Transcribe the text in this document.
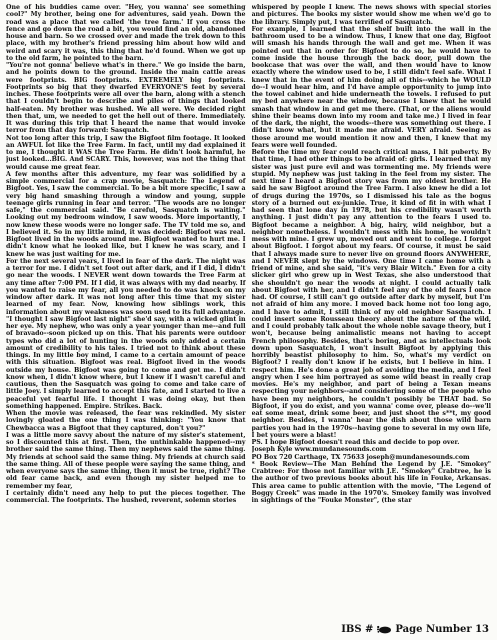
One of his buddies came over. "Hey, you wanna' see something cool?" My brother, being one for adventures, said yeah. Down the road was a place that we called 'the tree farm.' If you cross the fence and go down the road a bit, you would find an old, abandoned house and barn. So we crossed over and made the trek down to this place, with my brother's friend pressing him about how wild and weird and scary it was, this thing that he'd found. When we got up to the old farm, he pointed to the barn.

"You're not gonna' believe what's in there." We go inside the barn, and he points down to the ground. Inside the main cattle areas were footprints. BIG footprints. EXTREMELY big footprints. Footprints so big that they dwarfed EVERYONE'S feet by several inches. These footprints were all over the barn, along with a stench that I couldn't begin to describe and piles of things that looked half-eaten. My brother was hushed. We all were. We decided right then that, um, we needed to get the hell out of there. Immediately. It was during this trip that I heard the name that would invoke terror from that day forward: Sasquatch.

Not too long after this trip, I saw the Bigfoot film footage. It looked an AWFUL lot like the Tree Farm. In fact, until my dad explained it to me, I thought it WAS the Tree Farm. He didn't look harmful, he just looked...BIG. And SCARY. This, however, was not the thing that would cause me great fear.

A few months after this adventure, my fear was solidified by a simple commercial for a crap movie, Sasquatch: The Legend of Bigfoot. Yes, I saw the commercial. To be a bit more specific, I saw a very big hand smashing through a window and young, supple teenage girls running in fear and terror. "The woods are no longer safe," the commercial said. "Be careful, Sasquatch is waiting." Looking out my bedroom window, I saw woods. More importantly, I now knew these woods were no longer safe. The TV told me so, and I believed it. So in my little mind, it was decided: Bigfoot was real. Bigfoot lived in the woods around me. Bigfoot wanted to hurt me. I didn't know what he looked like, but I knew he was scary, and I knew he was just waiting for me.

For the next several years, I lived in fear of the dark. The night was a terror for me. I didn't set foot out after dark, and if I did, I didn't go near the woods. I NEVER went down towards the Tree Farm at any time after 7:00 PM. If I did, it was always with my dad nearby. If you wanted to raise my fear, all you needed to do was knock on my window after dark. It was not long after this time that my sister learned of my fear. Now, knowing how siblings work, this information about my weakness was soon used to its full advantage. "I thought I saw Bigfoot last night" she'd say, with a wicked glint in her eye. My nephew, who was only a year younger than me--and full of bravado--soon picked up on this. That his parents were outdoor types who did a lot of hunting in the woods only added a certain amount of credibility to his tales. I tried not to think about these things. In my little boy mind, I came to a certain amount of peace with this situation. Bigfoot was real. Bigfoot lived in the woods outside my house. Bigfoot was going to come and get me. I didn't know when, I didn't know where, but I knew if I wasn't careful and cautious, then the Sasquatch was going to come and take care of little Joey. I simply learned to accept this fate, and I started to live a peaceful yet fearful life. I thought I was doing okay, but then something happened. Empire. Strikes. Back.

When the movie was released, the fear was rekindled. My sister lovingly gloated the one thing I was thinking: "You know that Chewbacca was a Bigfoot that they captured, don't you?"

I was a little more savvy about the nature of my sister's statement, so I discounted this at first. Then, the unthinkable happened--my brother said the same thing. Then my nephews said the same thing. My friends at school said the same thing. My friends at church said the same thing. All of these people were saying the same thing, and when everyone says the same thing, then it must be true, right? The old fear came back, and even though my sister helped me to remember my fear,

I certainly didn't need any help to put the pieces together. The commercial. The footprints. The hushed, reverent, solemn stories

whispered by people I knew. The news shows with special stories and pictures. The books my sister would show me when we'd go to the library. Simply put, I was terrified of Sasquatch.

For example, I learned that the shelf built into the wall in the bathroom used to be a window. Thus, I knew that one day, Bigfoot will smash his hands through the wall and get me. When it was pointed out that in order for Bigfoot to do so, he would have to come inside the house through the back door, pull down the bookcase that was over the wall, and then would have to know exactly where the window used to be, I still didn't feel safe. What I knew that in the event of him doing all of this--which he WOULD do--I would hear him, and I'd have ample opportunity to jump into the towel cabinet and hide underneath the towels. I refused to put my bed anywhere near the window, because I knew that he would smash that window in and get me there. (That, or the aliens would shine their beams down into my room and take me.) I lived in fear of the dark, the night, the woods--there was something out there. I didn't know what, but it made me afraid. VERY afraid. Seeing as those around me would mention it now and then, I knew that my fears were well founded.

Before the time my fear could reach critical mass, I hit puberty. By that time, I had other things to be afraid of: girls. I learned that my sister was just pure evil and was tormenting me. My friends were stupid. My nephew was just taking in the feel from my sister. The next time I heard a Bigfoot story was from my oldest brother. He said he saw Bigfoot around the Tree Farm. I also knew he did a lot of drugs during the 1970s, so I dismissed his tale as the bogus story of a burned out ex-junkie. True, it kind of fit in with what I had seen that lone day in 1978, but his credibility wasn't worth anything. I just didn't pay any attention to the fears I used to. Bigfoot became a neighbor. A big, hairy, wild neighbor, but a neighbor nonetheless. I wouldn't mess with his home, he wouldn't mess with mine. I grew up, moved out and went to college. I forgot about Bigfoot. I forgot about my fears. Of course, it must be said that I always made sure to never live on ground floors ANYWHERE, and I NEVER slept by the windows. One time I came home with a friend of mine, and she said, "it's very Blair Witch." Even for a city slicker girl who grew up in West Texas, she also understood that she shouldn't go near the woods at night. I could actually talk about Bigfoot with her, and I didn't feel any of the old fears I once had. Of course, I still can't go outside after dark by myself, but I'm not afraid of him any more. I moved back home not too long ago, and I have to admit, I still think of my old neighbor Sasquatch. I could insert some Rousseau theory about the nature of the wild, and I could probably talk about the whole noble savage theory, but I won't, because being animalistic means not having to accept French philosophy. Besides, that's boring, and as intellectuals look down upon Sasquatch, I won't insult Bigfoot by applying this horribly beastist philosophy to him. So, what's my verdict on Bigfoot? I really don't know if he exists, but I believe in him. I respect him. He's done a great job of avoiding the media, and I feel angry when I see him portrayed as some wild beast in really crap movies. He's my neighbor, and part of being a Texan means respecting your neighbors--and considering some of the people who have been my neighbors, he couldn't possibly be THAT bad. So Bigfoot, if you do exist, and you wanna' come over, please do--we'll eat some meat, drink some beer, and just shoot the s**t, my good neighbor. Besides, I wanna' hear the dish about those wild barn parties you had in the 1970s--having gone to several in my own life, I bet yours were a blast!

PS. I hope Bigfoot doesn't read this and decide to pop over.

Joseph Kyle www.mundanesounds.com

PO Box 720 Carthage, TX 75633 joseph@mundanesounds.com

* Book Review—The Man Behind the Legend by J.E. "Smokey" Crabtree: For those not familiar with J.E. "Smokey" Crabtree, he is the author of two previous books about his life in Fouke, Arkansas. This area came to public attention with the movie, "The Legend of Boggy Creek" was made in the 1970's. Smokey family was involved in sightings of the "Fouke Monster", (the star

IBS # Page Number 13
